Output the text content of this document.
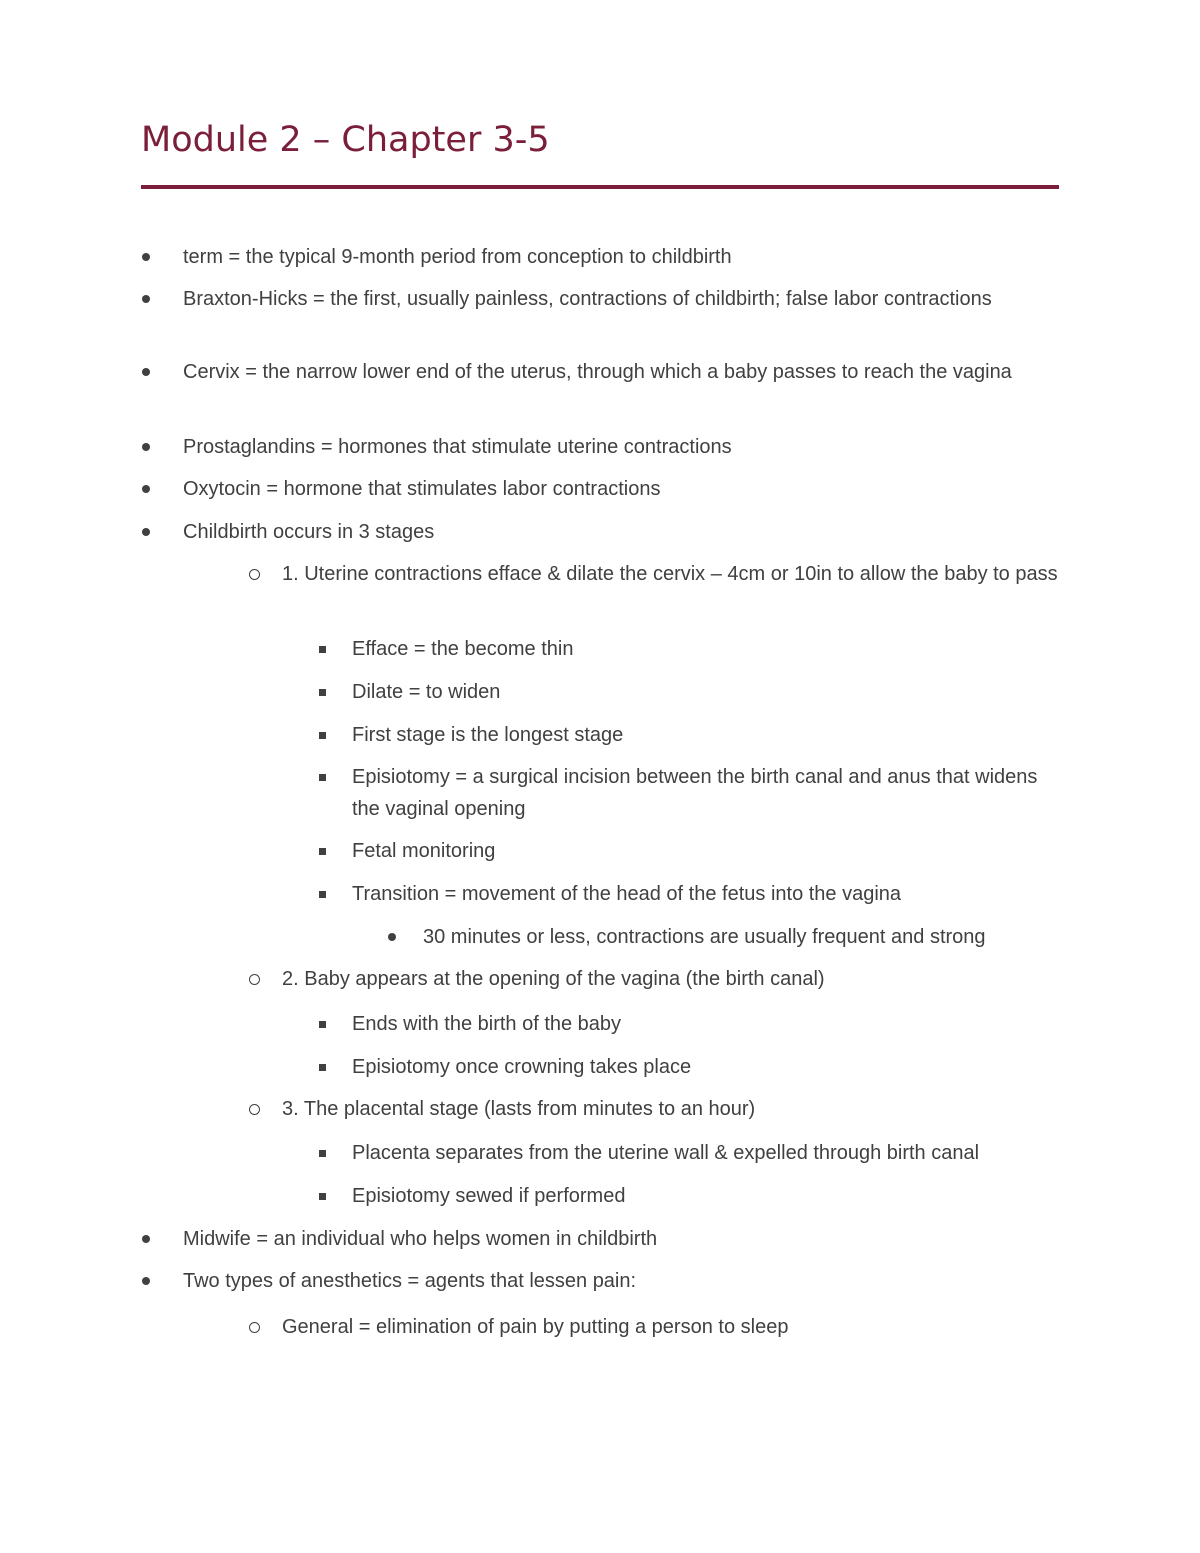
Module 2 – Chapter 3-5

term = the typical 9-month period from conception to childbirth

Braxton-Hicks = the first, usually painless, contractions of childbirth; false labor contractions

Cervix = the narrow lower end of the uterus, through which a baby passes to reach the vagina

Prostaglandins = hormones that stimulate uterine contractions

Oxytocin = hormone that stimulates labor contractions

Childbirth occurs in 3 stages

1. Uterine contractions efface & dilate the cervix – 4cm or 10in to allow the baby to pass

Efface = the become thin

Dilate = to widen

First stage is the longest stage

Episiotomy = a surgical incision between the birth canal and anus that widens the vaginal opening

Fetal monitoring

Transition = movement of the head of the fetus into the vagina

30 minutes or less, contractions are usually frequent and strong

2. Baby appears at the opening of the vagina (the birth canal)

Ends with the birth of the baby

Episiotomy once crowning takes place

3. The placental stage (lasts from minutes to an hour)

Placenta separates from the uterine wall & expelled through birth canal

Episiotomy sewed if performed

Midwife = an individual who helps women in childbirth

Two types of anesthetics = agents that lessen pain:

General = elimination of pain by putting a person to sleep
